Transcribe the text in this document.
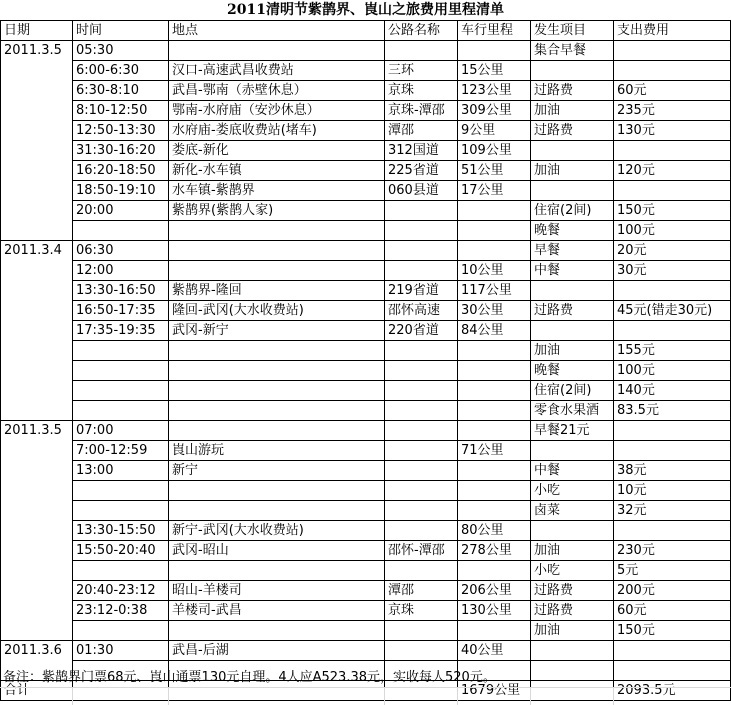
2011清明节紫鹊界、崀山之旅费用里程清单
日期	时间	地点	公路名称	车行里程	发生项目	支出费用
2011.3.5	05:30				集合早餐	
	6:00-6:30	汉口-高速武昌收费站	三环	15公里		
	6:30-8:10	武昌-鄂南（赤壁休息）	京珠	123公里	过路费	60元
	8:10-12:50	鄂南-水府庙（安沙休息）	京珠-潭邵	309公里	加油	235元
	12:50-13:30	水府庙-娄底收费站(堵车)	潭邵	9公里	过路费	130元
	31:30-16:20	娄底-新化	312国道	109公里		
	16:20-18:50	新化-水车镇	225省道	51公里	加油	120元
	18:50-19:10	水车镇-紫鹊界	060县道	17公里		
	20:00	紫鹊界(紫鹊人家)			住宿(2间)	150元
					晚餐	100元
2011.3.4	06:30				早餐	20元
	12:00			10公里	中餐	30元
	13:30-16:50	紫鹊界-隆回	219省道	117公里		
	16:50-17:35	隆回-武冈(大水收费站)	邵怀高速	30公里	过路费	45元(错走30元)
	17:35-19:35	武冈-新宁	220省道	84公里		
					加油	155元
					晚餐	100元
					住宿(2间)	140元
					零食水果酒	83.5元
2011.3.5	07:00				早餐21元	
	7:00-12:59	崀山游玩		71公里		
	13:00	新宁			中餐	38元
					小吃	10元
					卤菜	32元
	13:30-15:50	新宁-武冈(大水收费站)		80公里		
	15:50-20:40	武冈-昭山	邵怀-潭邵	278公里	加油	230元
					小吃	5元
	20:40-23:12	昭山-羊楼司	潭邵	206公里	过路费	200元
	23:12-0:38	羊楼司-武昌	京珠	130公里	过路费	60元
					加油	150元
2011.3.6	01:30	武昌-后湖		40公里		

合计				1679公里		2093.5元
备注：紫鹊界门票68元、崀山通票130元自理。4人应A523.38元，实收每人520元。
